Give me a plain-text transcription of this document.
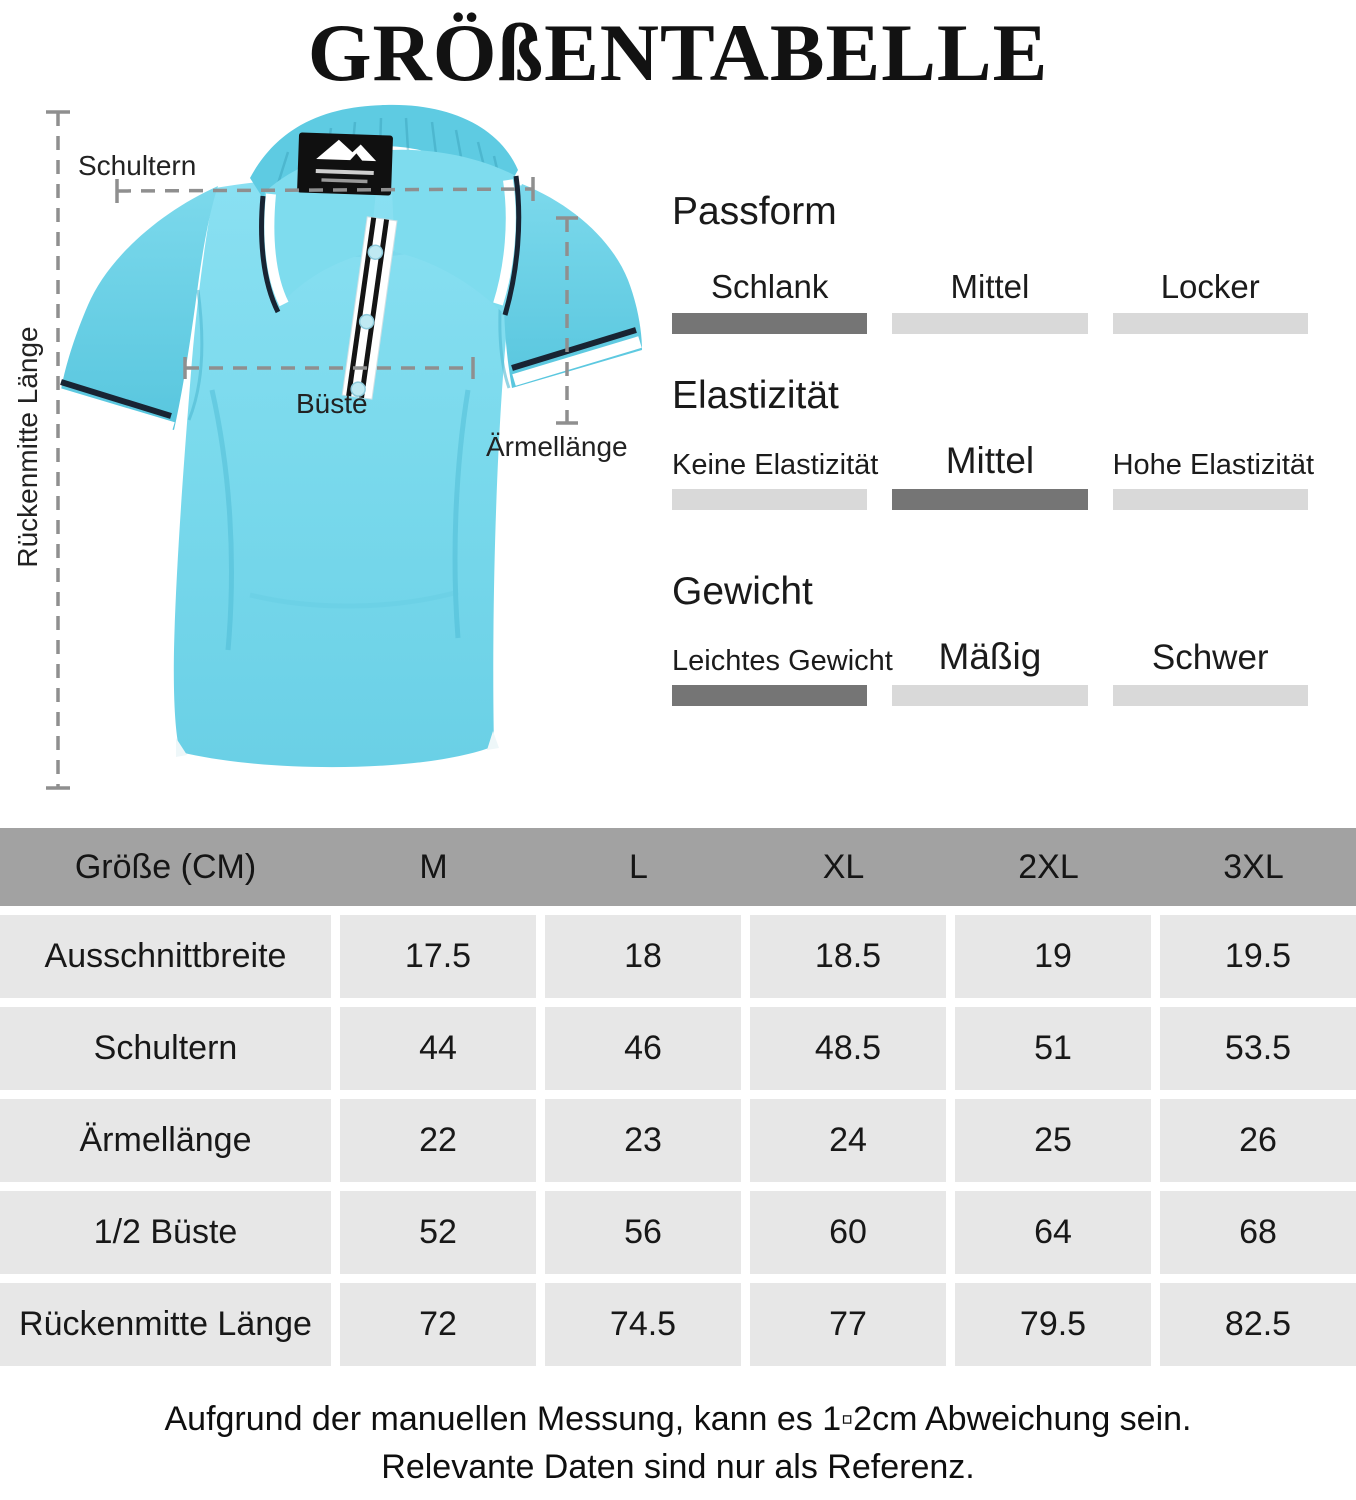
GRÖßENTABELLE
Schultern
Büste
Ärmellänge
Rückenmitte Länge
Passform
Schlank	Mittel	Locker
Elastizität
Keine Elastizität	Mittel	Hohe Elastizität
Gewicht
Leichtes Gewicht	Mäßig	Schwer
Größe (CM)	M	L	XL	2XL	3XL
Ausschnittbreite	17.5	18	18.5	19	19.5
Schultern	44	46	48.5	51	53.5
Ärmellänge	22	23	24	25	26
1/2 Büste	52	56	60	64	68
Rückenmitte Länge	72	74.5	77	79.5	82.5
Aufgrund der manuellen Messung, kann es 1▫2cm Abweichung sein.
Relevante Daten sind nur als Referenz.
